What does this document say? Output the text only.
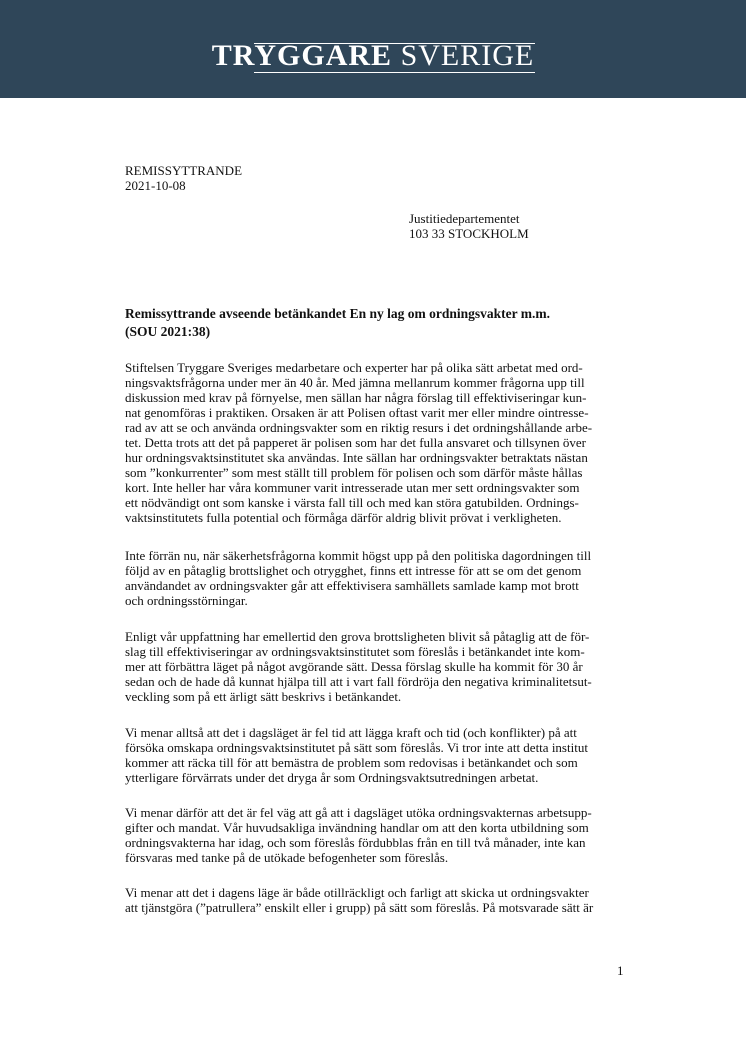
TRYGGARE SVERIGE
REMISSYTTRANDE
2021-10-08
Justitiedepartementet
103 33 STOCKHOLM
Remissyttrande avseende betänkandet En ny lag om ordningsvakter m.m.
(SOU 2021:38)
Stiftelsen Tryggare Sveriges medarbetare och experter har på olika sätt arbetat med ord-
ningsvaktsfrågorna under mer än 40 år. Med jämna mellanrum kommer frågorna upp till
diskussion med krav på förnyelse, men sällan har några förslag till effektiviseringar kun-
nat genomföras i praktiken. Orsaken är att Polisen oftast varit mer eller mindre ointresse-
rad av att se och använda ordningsvakter som en riktig resurs i det ordningshållande arbe-
tet. Detta trots att det på papperet är polisen som har det fulla ansvaret och tillsynen över
hur ordningsvaktsinstitutet ska användas. Inte sällan har ordningsvakter betraktats nästan
som ”konkurrenter” som mest ställt till problem för polisen och som därför måste hållas
kort. Inte heller har våra kommuner varit intresserade utan mer sett ordningsvakter som
ett nödvändigt ont som kanske i värsta fall till och med kan störa gatubilden. Ordnings-
vaktsinstitutets fulla potential och förmåga därför aldrig blivit prövat i verkligheten.
Inte förrän nu, när säkerhetsfrågorna kommit högst upp på den politiska dagordningen till
följd av en påtaglig brottslighet och otrygghet, finns ett intresse för att se om det genom
användandet av ordningsvakter går att effektivisera samhällets samlade kamp mot brott
och ordningsstörningar.
Enligt vår uppfattning har emellertid den grova brottsligheten blivit så påtaglig att de för-
slag till effektiviseringar av ordningsvaktsinstitutet som föreslås i betänkandet inte kom-
mer att förbättra läget på något avgörande sätt. Dessa förslag skulle ha kommit för 30 år
sedan och de hade då kunnat hjälpa till att i vart fall fördröja den negativa kriminalitetsut-
veckling som på ett ärligt sätt beskrivs i betänkandet.
Vi menar alltså att det i dagsläget är fel tid att lägga kraft och tid (och konflikter) på att
försöka omskapa ordningsvaktsinstitutet på sätt som föreslås. Vi tror inte att detta institut
kommer att räcka till för att bemästra de problem som redovisas i betänkandet och som
ytterligare förvärrats under det dryga år som Ordningsvaktsutredningen arbetat.
Vi menar därför att det är fel väg att gå att i dagsläget utöka ordningsvakternas arbetsupp-
gifter och mandat. Vår huvudsakliga invändning handlar om att den korta utbildning som
ordningsvakterna har idag, och som föreslås fördubblas från en till två månader, inte kan
försvaras med tanke på de utökade befogenheter som föreslås.
Vi menar att det i dagens läge är både otillräckligt och farligt att skicka ut ordningsvakter
att tjänstgöra (”patrullera” enskilt eller i grupp) på sätt som föreslås. På motsvarade sätt är
1
